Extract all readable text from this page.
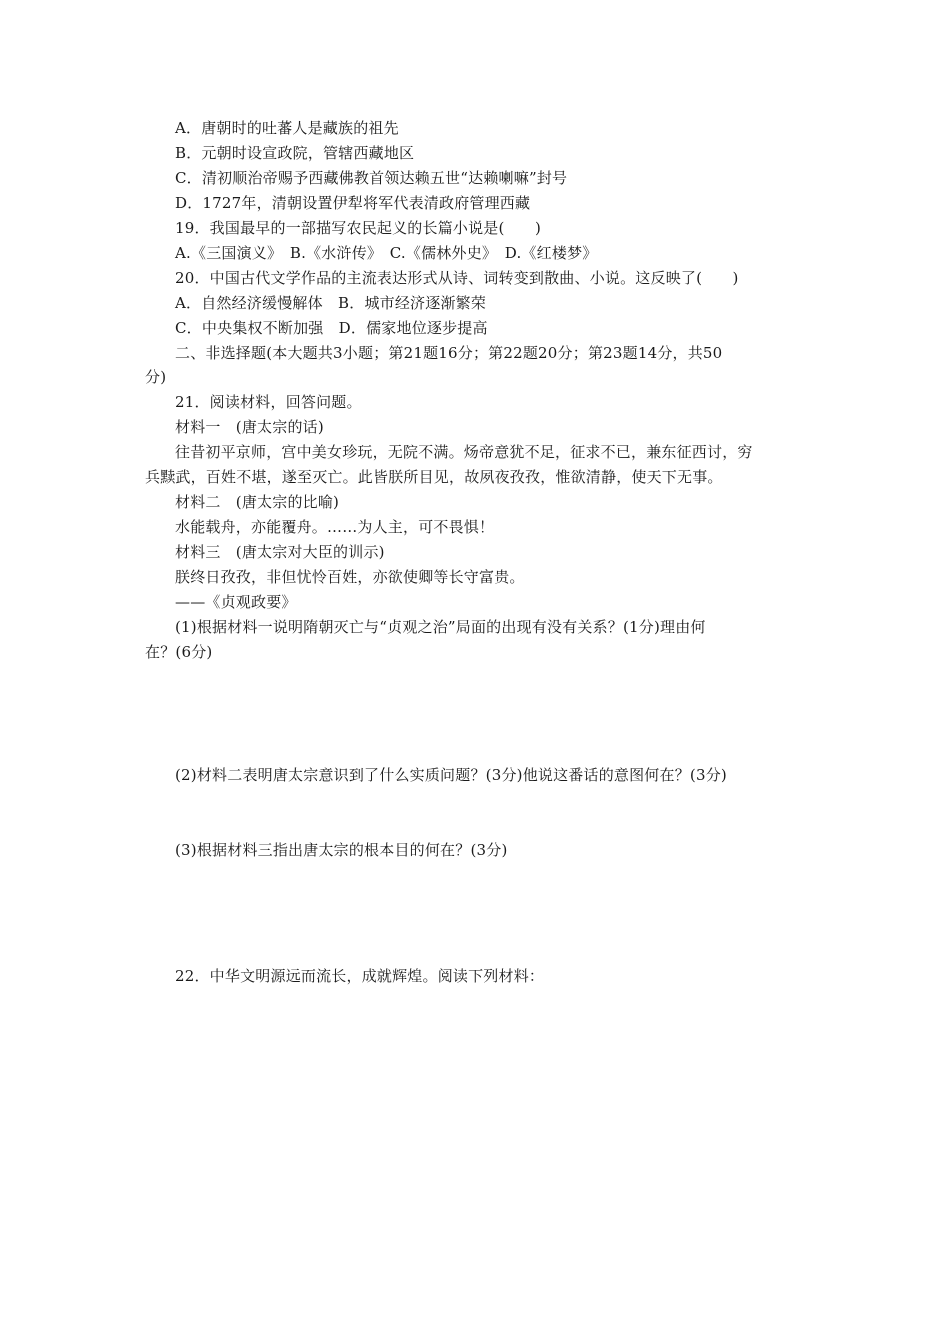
A．唐朝时的吐蕃人是藏族的祖先
B．元朝时设宣政院，管辖西藏地区
C．清初顺治帝赐予西藏佛教首领达赖五世“达赖喇嘛”封号
D．1727年，清朝设置伊犁将军代表清政府管理西藏
19．我国最早的一部描写农民起义的长篇小说是(　　)
A.《三国演义》　B.《水浒传》　C.《儒林外史》　D.《红楼梦》
20．中国古代文学作品的主流表达形式从诗、词转变到散曲、小说。这反映了(　　)
A．自然经济缓慢解体　B．城市经济逐渐繁荣
C．中央集权不断加强　D．儒家地位逐步提高
二、非选择题(本大题共3小题；第21题16分；第22题20分；第23题14分，共50
分)
21．阅读材料，回答问题。
材料一　(唐太宗的话)
往昔初平京师，宫中美女珍玩，无院不满。炀帝意犹不足，征求不已，兼东征西讨，穷
兵黩武，百姓不堪，遂至灭亡。此皆朕所目见，故夙夜孜孜，惟欲清静，使天下无事。
材料二　(唐太宗的比喻)
水能载舟，亦能覆舟。……为人主，可不畏惧！
材料三　(唐太宗对大臣的训示)
朕终日孜孜，非但忧怜百姓，亦欲使卿等长守富贵。
——《贞观政要》
(1)根据材料一说明隋朝灭亡与“贞观之治”局面的出现有没有关系？(1分)理由何
在？(6分)
(2)材料二表明唐太宗意识到了什么实质问题？(3分)他说这番话的意图何在？(3分)
(3)根据材料三指出唐太宗的根本目的何在？(3分)
22．中华文明源远而流长，成就辉煌。阅读下列材料：
